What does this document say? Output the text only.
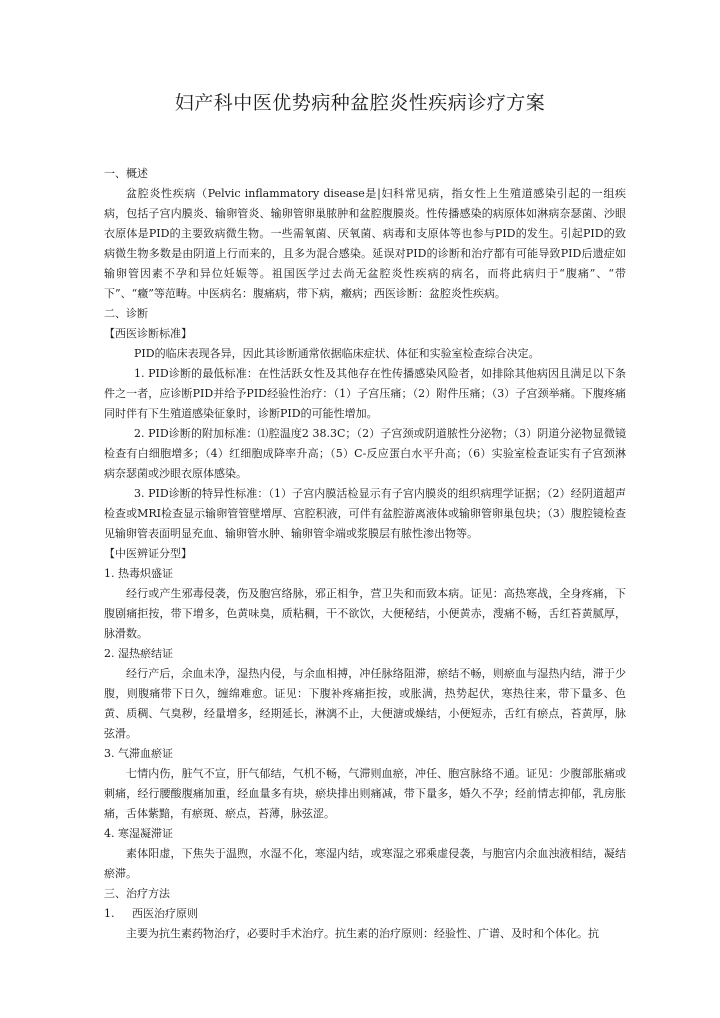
妇产科中医优势病种盆腔炎性疾病诊疗方案

一、概述

盆腔炎性疾病（Pelvic inflammatory disease是|妇科常见病，指女性上生殖道感染引起的一组疾病，包括子宫内膜炎、输卵管炎、输卵管卵巢脓肿和盆腔腹膜炎。性传播感染的病原体如淋病奈瑟菌、沙眼衣原体是PID的主要致病微生物。一些需氧菌、厌氧菌、病毒和支原体等也参与PID的发生。引起PID的致病微生物多数是由阴道上行而来的，且多为混合感染。延误对PID的诊断和治疗都有可能导致PID后遗症如输卵管因素不孕和异位妊娠等。祖国医学过去尚无盆腔炎性疾病的病名，而将此病归于“腹痛”、“带下”、“癥”等范畴。中医病名：腹痛病，带下病，癥病；西医诊断：盆腔炎性疾病。

二、诊断

【西医诊断标准】

PID的临床表现各异，因此其诊断通常依据临床症状、体征和实验室检查综合决定。

1. PID诊断的最低标准：在性活跃女性及其他存在性传播感染风险者，如排除其他病因且满足以下条件之一者，应诊断PID并给予PID经验性治疗：（1）子宫压痛；（2）附件压痛；（3）子宫颈举痛。下腹疼痛同时伴有下生殖道感染征象时，诊断PID的可能性增加。

2. PID诊断的附加标准：⑴腔温度2 38.3C；（2）子宫颈或阴道脓性分泌物；（3）阴道分泌物显微镜检查有白细胞增多；（4）红细胞成降率升高；（5）C-反应蛋白水平升高；（6）实验室检查证实有子宫颈淋病奈瑟菌或沙眼衣原体感染。

3. PID诊断的特异性标准：（1）子宫内膜活检显示有子宫内膜炎的组织病理学证据；（2）经阴道超声检查或MRI检查显示输卵管管壁增厚、宫腔积液，可伴有盆腔游离液体或输卵管卵巢包块；（3）腹腔镜检查见输卵管表面明显充血、输卵管水肿、输卵管伞端或浆膜层有脓性渗出物等。

【中医辨证分型】

1. 热毒炽盛证

经行或产生邪毒侵袭，伤及胞宫络脉，邪正相争，营卫失和而致本病。证见：高热寒战，全身疼痛，下腹剧痛拒按，带下增多，色黄味臭，质粘稠，干不欲饮，大便秘结，小便黄赤，溲痛不畅，舌红苔黄腻厚，脉滑数。

2. 湿热瘀结证

经行产后，余血未净，湿热内侵，与余血相搏，冲任脉络阻滞，瘀结不畅，则瘀血与湿热内结，滞于少腹，则腹痛带下日久，缠绵难愈。证见：下腹补疼痛拒按，或胀满，热势起伏，寒热往来，带下量多、色黄、质稠、气臭秽，经量增多，经期延长，淋漓不止，大便溏或燥结，小便短赤，舌红有瘀点，苔黄厚，脉弦滑。

3. 气滞血瘀证

七情内伤，脏气不宣，肝气郁结，气机不畅，气滞则血瘀，冲任、胞宫脉络不通。证见：少腹部胀痛或刺痛，经行腰酸腹痛加重，经血量多有块，瘀块排出则痛减，带下量多，婚久不孕；经前情志抑郁，乳房胀痛，舌体紫黯，有瘀斑、瘀点，苔薄，脉弦涩。

4. 寒湿凝滞证

素体阳虚，下焦失于温煦，水湿不化，寒湿内结，或寒湿之邪乘虚侵袭，与胞宫内余血浊液相结，凝结瘀滞。

三、治疗方法

1. 西医治疗原则

主要为抗生素药物治疗，必要时手术治疗。抗生素的治疗原则：经验性、广谱、及时和个体化。抗
